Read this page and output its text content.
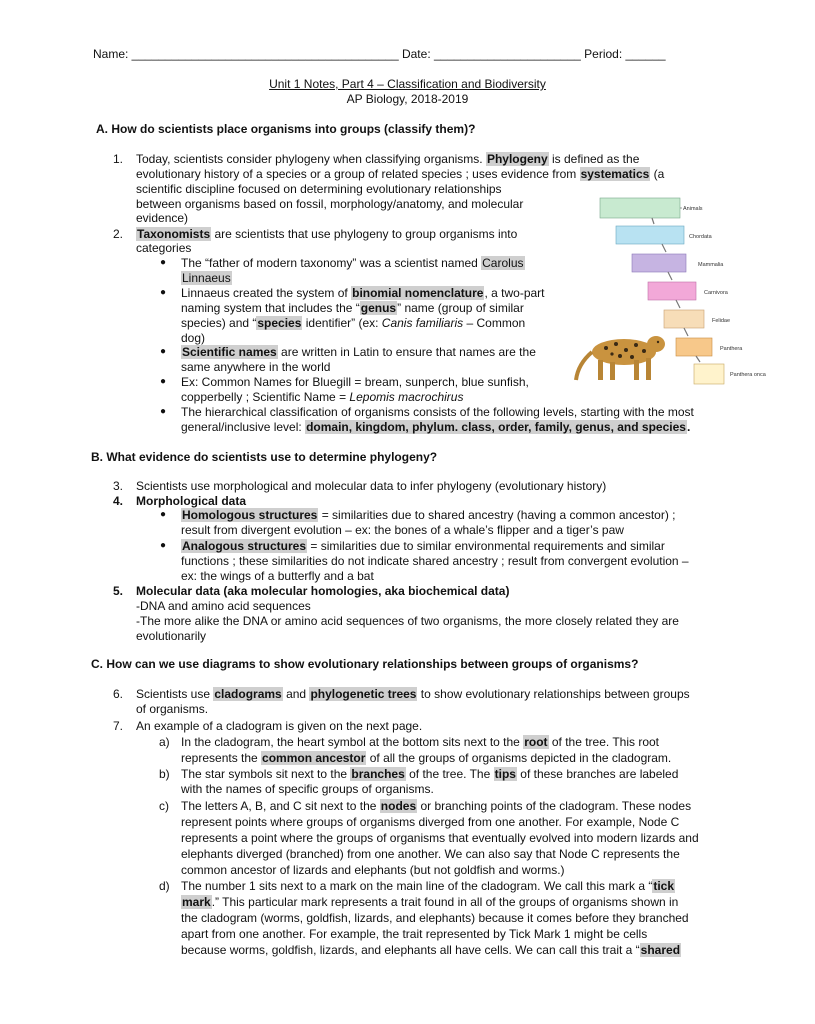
Name: ________________________________________ Date: ______________________ Period: ______
Unit 1 Notes, Part 4 – Classification and Biodiversity
AP Biology, 2018-2019
A. How do scientists place organisms into groups (classify them)?
1. Today, scientists consider phylogeny when classifying organisms. Phylogeny is defined as the
evolutionary history of a species or a group of related species ; uses evidence from systematics (a
scientific discipline focused on determining evolutionary relationships
between organisms based on fossil, morphology/anatomy, and molecular
evidence)
2. Taxonomists are scientists that use phylogeny to group organisms into
categories
● The “father of modern taxonomy” was a scientist named Carolus
Linnaeus
● Linnaeus created the system of binomial nomenclature, a two-part
naming system that includes the “genus” name (group of similar
species) and “species identifier” (ex: Canis familiaris – Common
dog)
● Scientific names are written in Latin to ensure that names are the
same anywhere in the world
● Ex: Common Names for Bluegill = bream, sunperch, blue sunfish,
copperbelly ; Scientific Name = Lepomis macrochirus
● The hierarchical classification of organisms consists of the following levels, starting with the most
general/inclusive level: domain, kingdom, phylum. class, order, family, genus, and species.
Animals
Chordata
Mammalia
Carnivora
Felidae
Panthera
Panthera onca
B. What evidence do scientists use to determine phylogeny?
3. Scientists use morphological and molecular data to infer phylogeny (evolutionary history)
4. Morphological data
● Homologous structures = similarities due to shared ancestry (having a common ancestor) ;
result from divergent evolution – ex: the bones of a whale’s flipper and a tiger’s paw
● Analogous structures = similarities due to similar environmental requirements and similar
functions ; these similarities do not indicate shared ancestry ; result from convergent evolution –
ex: the wings of a butterfly and a bat
5. Molecular data (aka molecular homologies, aka biochemical data)
-DNA and amino acid sequences
-The more alike the DNA or amino acid sequences of two organisms, the more closely related they are
evolutionarily
C. How can we use diagrams to show evolutionary relationships between groups of organisms?
6. Scientists use cladograms and phylogenetic trees to show evolutionary relationships between groups
of organisms.
7. An example of a cladogram is given on the next page.
a) In the cladogram, the heart symbol at the bottom sits next to the root of the tree. This root
represents the common ancestor of all the groups of organisms depicted in the cladogram.
b) The star symbols sit next to the branches of the tree. The tips of these branches are labeled
with the names of specific groups of organisms.
c) The letters A, B, and C sit next to the nodes or branching points of the cladogram. These nodes
represent points where groups of organisms diverged from one another. For example, Node C
represents a point where the groups of organisms that eventually evolved into modern lizards and
elephants diverged (branched) from one another. We can also say that Node C represents the
common ancestor of lizards and elephants (but not goldfish and worms.)
d) The number 1 sits next to a mark on the main line of the cladogram. We call this mark a “tick
mark.” This particular mark represents a trait found in all of the groups of organisms shown in
the cladogram (worms, goldfish, lizards, and elephants) because it comes before they branched
apart from one another. For example, the trait represented by Tick Mark 1 might be cells
because worms, goldfish, lizards, and elephants all have cells. We can call this trait a “shared
